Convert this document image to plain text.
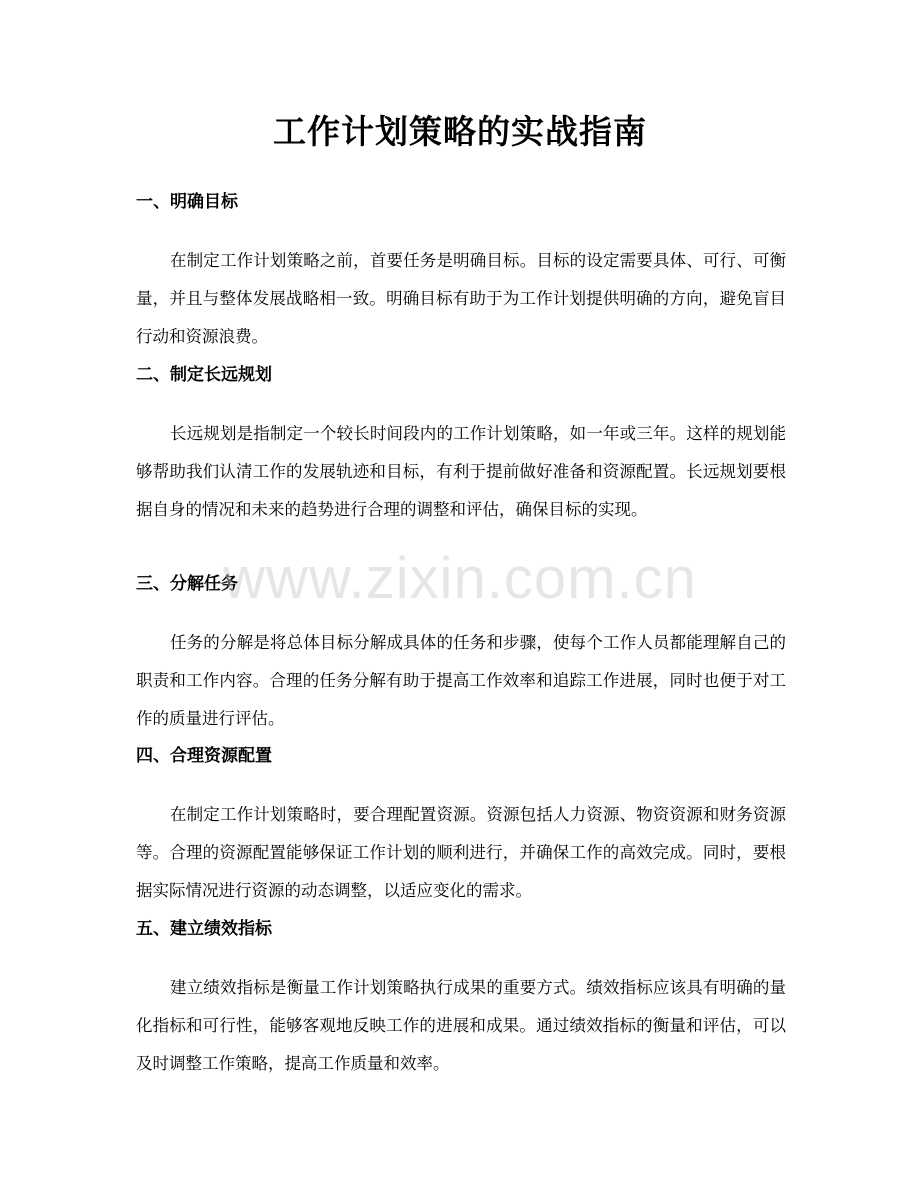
工作计划策略的实战指南
一、明确目标

在制定工作计划策略之前，首要任务是明确目标。目标的设定需要具体、可行、可衡量，并且与整体发展战略相一致。明确目标有助于为工作计划提供明确的方向，避免盲目行动和资源浪费。

二、制定长远规划

长远规划是指制定一个较长时间段内的工作计划策略，如一年或三年。这样的规划能够帮助我们认清工作的发展轨迹和目标，有利于提前做好准备和资源配置。长远规划要根据自身的情况和未来的趋势进行合理的调整和评估，确保目标的实现。

三、分解任务

任务的分解是将总体目标分解成具体的任务和步骤，使每个工作人员都能理解自己的职责和工作内容。合理的任务分解有助于提高工作效率和追踪工作进展，同时也便于对工作的质量进行评估。

四、合理资源配置

在制定工作计划策略时，要合理配置资源。资源包括人力资源、物资资源和财务资源等。合理的资源配置能够保证工作计划的顺利进行，并确保工作的高效完成。同时，要根据实际情况进行资源的动态调整，以适应变化的需求。

五、建立绩效指标

建立绩效指标是衡量工作计划策略执行成果的重要方式。绩效指标应该具有明确的量化指标和可行性，能够客观地反映工作的进展和成果。通过绩效指标的衡量和评估，可以及时调整工作策略，提高工作质量和效率。

www.zixin.com.cn
